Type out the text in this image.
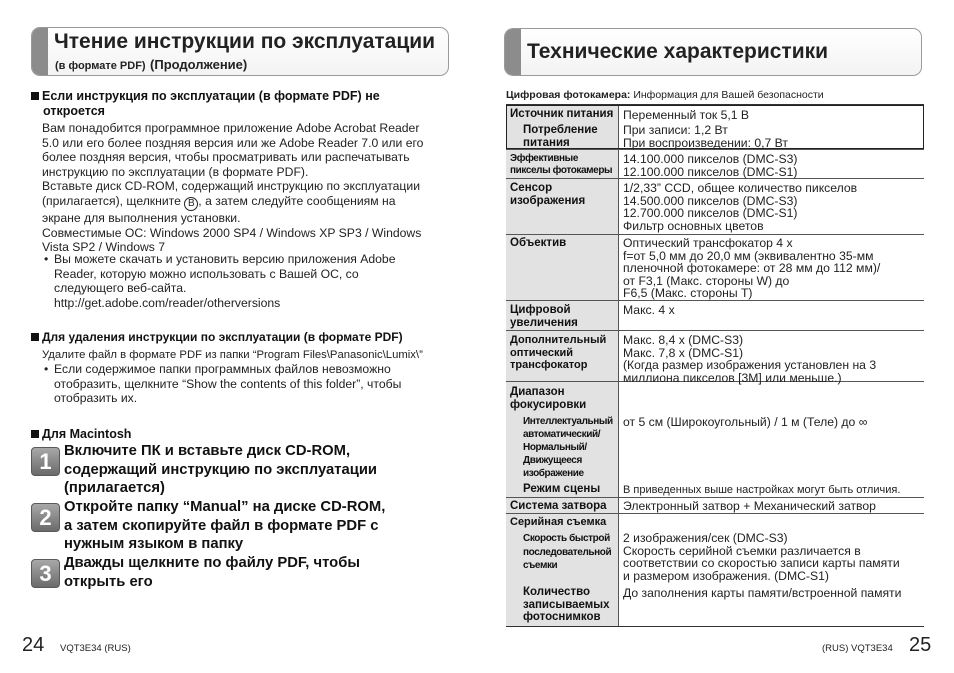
Чтение инструкции по эксплуатации
(в формате PDF) (Продолжение)
Если инструкция по эксплуатации (в формате PDF) не
откроется
Вам понадобится программное приложение Adobe Acrobat Reader
5.0 или его более поздняя версия или же Adobe Reader 7.0 или его
более поздняя версия, чтобы просматривать или распечатывать
инструкцию по эксплуатации (в формате PDF).
Вставьте диск CD-ROM, содержащий инструкцию по эксплуатации
(прилагается), щелкните B , а затем следуйте сообщениям на
экране для выполнения установки.
Совместимые ОС: Windows 2000 SP4 / Windows XP SP3 / Windows
Vista SP2 / Windows 7
• Вы можете скачать и установить версию приложения Adobe
Reader, которую можно использовать с Вашей ОС, со
следующего веб-сайта.
http://get.adobe.com/reader/otherversions
Для удаления инструкции по эксплуатации (в формате PDF)
Удалите файл в формате PDF из папки “Program Files\Panasonic\Lumix\”
• Если содержимое папки программных файлов невозможно
отобразить, щелкните “Show the contents of this folder”, чтобы
отобразить их.
Для Macintosh
1 Включите ПК и вставьте диск CD-ROM,
содержащий инструкцию по эксплуатации
(прилагается)
2 Откройте папку “Manual” на диске CD-ROM,
а затем скопируйте файл в формате PDF с
нужным языком в папку
3 Дважды щелкните по файлу PDF, чтобы
открыть его
24 VQT3E34 (RUS)
Технические характеристики
Цифровая фотокамера: Информация для Вашей безопасности
Источник питания Переменный ток 5,1 В
Потребление
питания
При записи: 1,2 Вт
При воспроизведении: 0,7 Вт
Эффективные
пикселы фотокамеры
14.100.000 пикселов (DMC-S3)
12.100.000 пикселов (DMC-S1)
Сенсор
изображения
1/2,33” CCD, общее количество пикселов
14.500.000 пикселов (DMC-S3)
12.700.000 пикселов (DMC-S1)
Фильтр основных цветов
Объектив	Оптический трансфокатор 4 x
f=от 5,0 мм до 20,0 мм (эквивалентно 35-мм
пленочной фотокамере: от 28 мм до 112 мм)/
от F3,1 (Макс. стороны W) до
F6,5 (Макс. стороны T)
Цифровой
увеличения
Макс. 4 x
Дополнительный
оптический
трансфокатор
Макс. 8,4 x (DMC-S3)
Макс. 7,8 x (DMC-S1)
(Когда размер изображения установлен на 3
миллиона пикселов [3M] или меньше.)
Диапазон
фокусировки
Интеллектуальный
автоматический/
Нормальный/
Движущееся
изображение
от 5 см (Широкоугольный) / 1 м (Теле) до ∞
Режим сцены В приведенных выше настройках могут быть отличия.
Система затвора Электронный затвор + Механический затвор
Серийная съемка
Скорость быстрой
последовательной
съемки
2 изображения/сек (DMC-S3)
Скорость серийной съемки различается в
соответствии со скоростью записи карты памяти
и размером изображения. (DMC-S1)
Количество
записываемых
фотоснимков
До заполнения карты памяти/встроенной памяти
(RUS) VQT3E34 25
